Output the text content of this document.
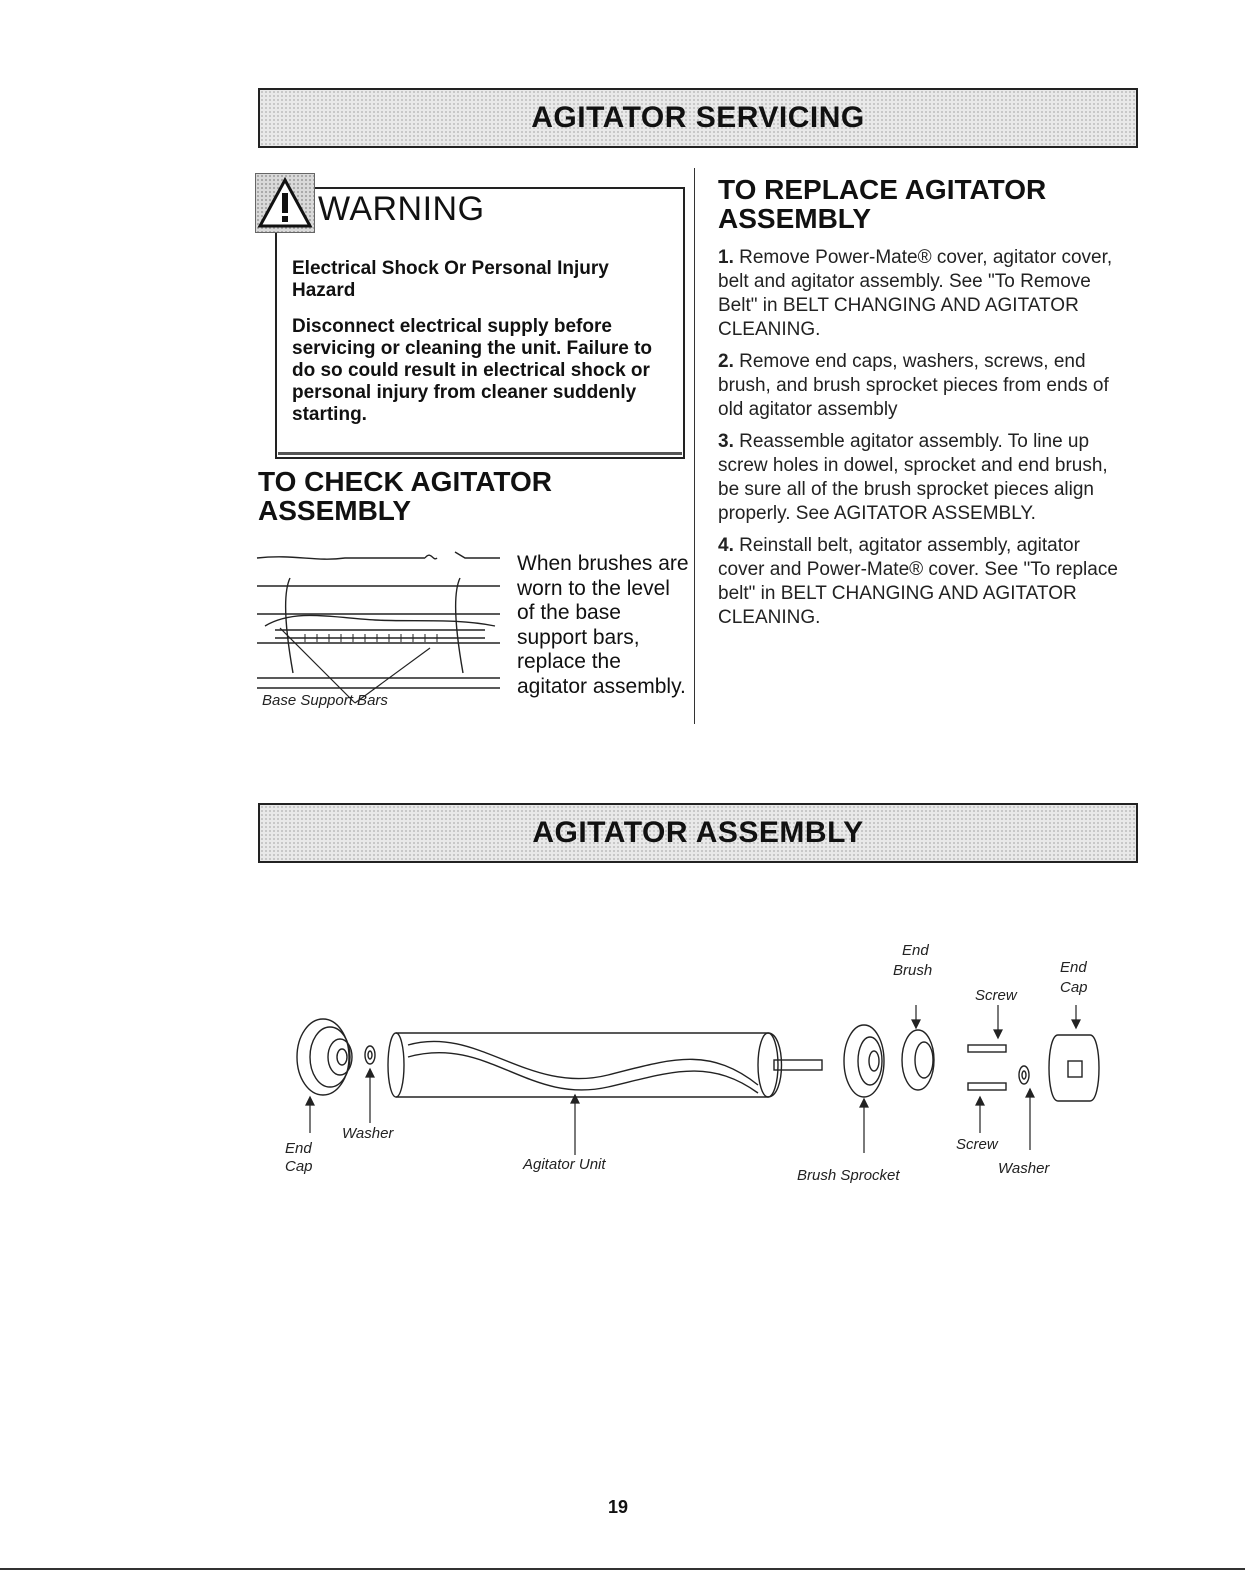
AGITATOR SERVICING
WARNING
Electrical Shock Or Personal Injury Hazard
Disconnect electrical supply before servicing or cleaning the unit. Failure to do so could result in electrical shock or personal injury from cleaner suddenly starting.
TO CHECK AGITATOR ASSEMBLY
Base Support Bars
When brushes are worn to the level of the base support bars, replace the agitator assembly.
TO REPLACE AGITATOR ASSEMBLY

1. Remove Power-Mate® cover, agitator cover, belt and agitator assembly. See "To Remove Belt" in BELT CHANGING AND AGITATOR CLEANING.

2. Remove end caps, washers, screws, end brush, and brush sprocket pieces from ends of old agitator assembly

3. Reassemble agitator assembly. To line up screw holes in dowel, sprocket and end brush, be sure all of the brush sprocket pieces align properly. See AGITATOR ASSEMBLY.

4. Reinstall belt, agitator assembly, agitator cover and Power-Mate® cover. See "To replace belt" in BELT CHANGING AND AGITATOR CLEANING.

AGITATOR ASSEMBLY
End
Cap
Washer
Agitator Unit
Brush Sprocket
End
Brush
Screw
Screw
Washer
End
Cap
19
